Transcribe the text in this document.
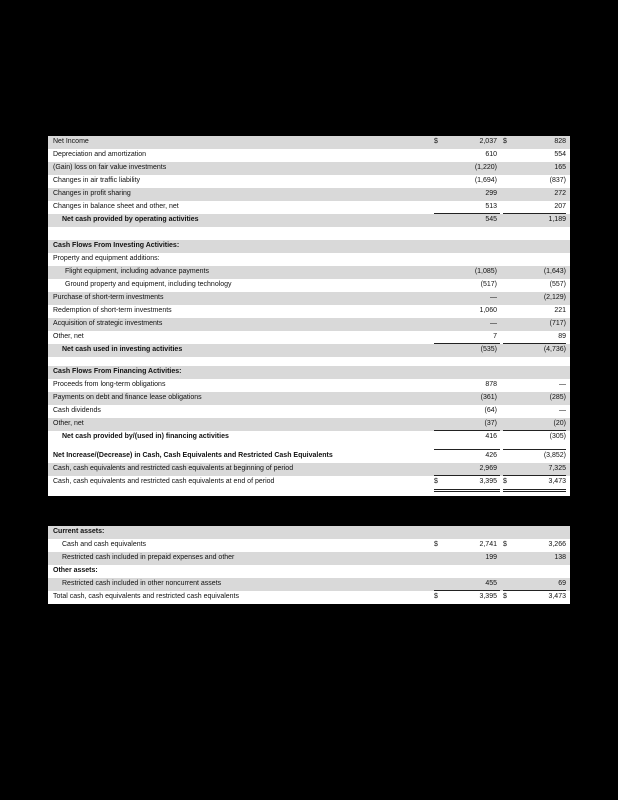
Net Income	$	2,037 $	828
Depreciation and amortization	610	554
(Gain) loss on fair value investments	(1,220)	165
Changes in air traffic liability	(1,694)	(837)
Changes in profit sharing	299	272
Changes in balance sheet and other, net	513	207
Net cash provided by operating activities	545	1,189
Cash Flows From Investing Activities:
Property and equipment additions:
Flight equipment, including advance payments	(1,085)	(1,643)
Ground property and equipment, including technology	(517)	(557)
Purchase of short-term investments	—	(2,129)
Redemption of short-term investments	1,060	221
Acquisition of strategic investments	—	(717)
Other, net	7	89
Net cash used in investing activities	(535)	(4,736)
Cash Flows From Financing Activities:
Proceeds from long-term obligations	878	—
Payments on debt and finance lease obligations	(361)	(285)
Cash dividends	(64)	—
Other, net	(37)	(20)
Net cash provided by/(used in) financing activities	416	(305)
Net Increase/(Decrease) in Cash, Cash Equivalents and Restricted Cash Equivalents	426	(3,852)
Cash, cash equivalents and restricted cash equivalents at beginning of period	2,969	7,325
Cash, cash equivalents and restricted cash equivalents at end of period	$	3,395 $	3,473
Current assets:
Cash and cash equivalents	$	2,741 $	3,266
Restricted cash included in prepaid expenses and other	199	138
Other assets:
Restricted cash included in other noncurrent assets	455	69
Total cash, cash equivalents and restricted cash equivalents	$	3,395 $	3,473
